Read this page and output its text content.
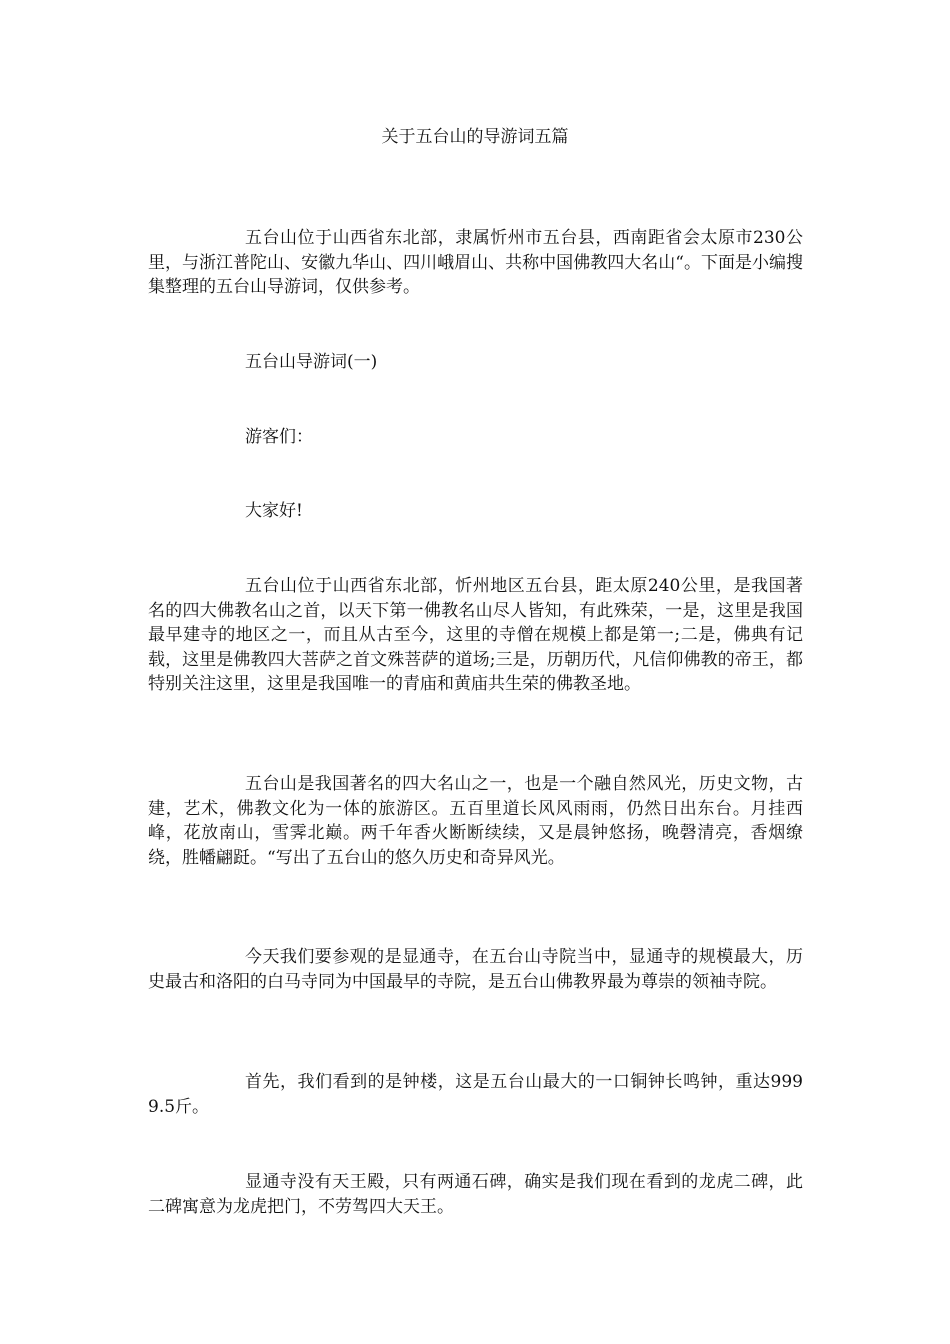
关于五台山的导游词五篇

五台山位于山西省东北部，隶属忻州市五台县，西南距省会太原市230公里，与浙江普陀山、安徽九华山、四川峨眉山、共称中国佛教四大名山“。下面是小编搜集整理的五台山导游词，仅供参考。

五台山导游词(一)

游客们：

大家好!

五台山位于山西省东北部，忻州地区五台县，距太原240公里，是我国著名的四大佛教名山之首，以天下第一佛教名山尽人皆知，有此殊荣，一是，这里是我国最早建寺的地区之一，而且从古至今，这里的寺僧在规模上都是第一;二是，佛典有记载，这里是佛教四大菩萨之首文殊菩萨的道场;三是，历朝历代，凡信仰佛教的帝王，都特别关注这里，这里是我国唯一的青庙和黄庙共生荣的佛教圣地。

五台山是我国著名的四大名山之一，也是一个融自然风光，历史文物，古建，艺术，佛教文化为一体的旅游区。五百里道长风风雨雨，仍然日出东台。月挂西峰，花放南山，雪霁北巅。两千年香火断断续续，又是晨钟悠扬，晚磬清亮，香烟缭绕，胜幡翩跹。“写出了五台山的悠久历史和奇异风光。

今天我们要参观的是显通寺，在五台山寺院当中，显通寺的规模最大，历史最古和洛阳的白马寺同为中国最早的寺院，是五台山佛教界最为尊崇的领袖寺院。

首先，我们看到的是钟楼，这是五台山最大的一口铜钟长鸣钟，重达9999.5斤。

显通寺没有天王殿，只有两通石碑，确实是我们现在看到的龙虎二碑，此二碑寓意为龙虎把门，不劳驾四大天王。
